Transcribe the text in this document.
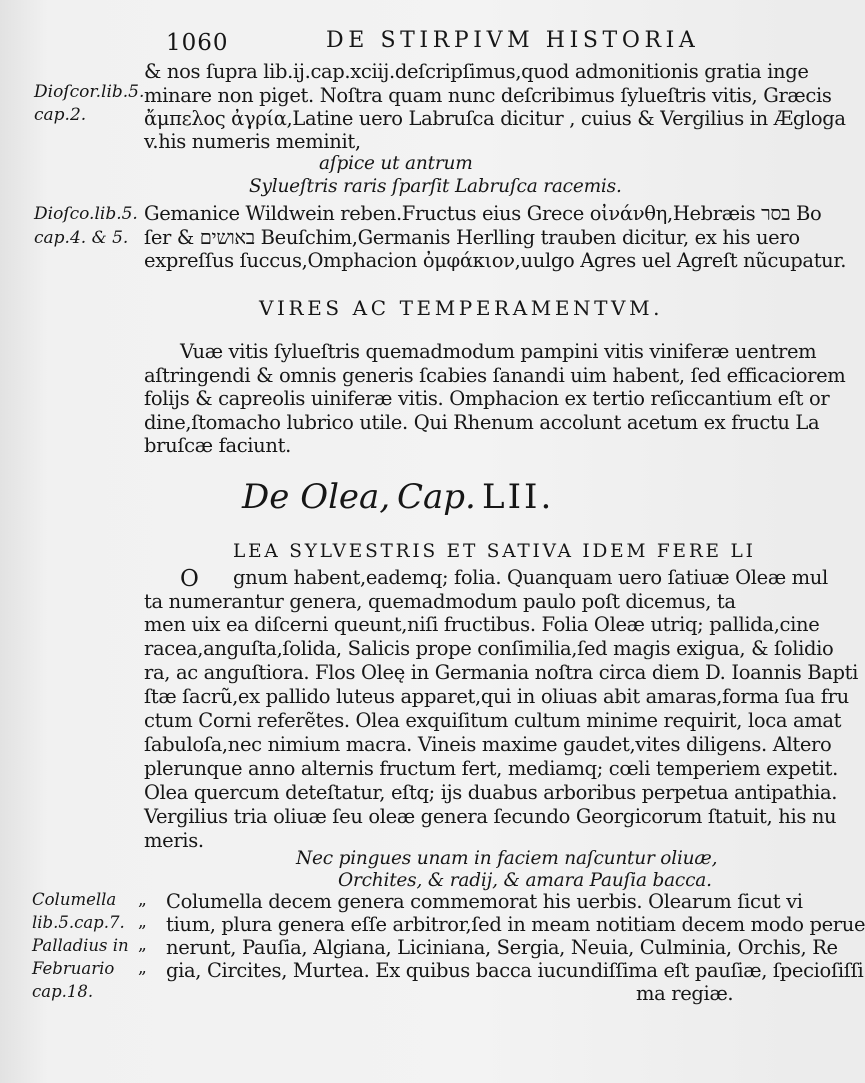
1060	DE STIRPIVM HISTORIA
& nos ſupra lib.ij.cap.xciij.deſcripſimus,quod admonitionis gratia inge
minare non piget. Noſtra quam nunc deſcribimus ſylueſtris vitis, Græcis
ἄμπελος ἀγρία,Latine uero Labruſca dicitur , cuius & Vergilius in Ægloga
v.his numeris meminit,
aſpice ut antrum
Sylueſtris raris ſparſit Labruſca racemis.
Gemanice Wildwein reben.Fructus eius Grece οἰνάνθη,Hebræis בסר Bo
ſer & באושים Beuſchim,Germanis Herlling trauben dicitur, ex his uero
expreſſus ſuccus,Omphacion ὀμφάκιον,uulgo Agres uel Agreſt nũcupatur.
Dioſcor.lib.5.
cap.2.
Dioſco.lib.5.
cap.4. & 5.
VIRES AC TEMPERAMENTVM.
Vuæ vitis ſylueſtris quemadmodum pampini vitis viniferæ uentrem
aſtringendi & omnis generis ſcabies ſanandi uim habent, ſed efficaciorem
folijs & capreolis uiniferæ vitis. Omphacion ex tertio reſiccantium eſt or
dine,ſtomacho lubrico utile. Qui Rhenum accolunt acetum ex fructu La
bruſcæ faciunt.
De Olea, Cap. LII.
LEA SYLVESTRIS ET SATIVA IDEM FERE LI
O gnum habent,eademq; folia. Quanquam uero ſatiuæ Oleæ mul
ta numerantur genera, quemadmodum paulo poſt dicemus, ta
men uix ea diſcerni queunt,niſi fructibus. Folia Oleæ utriq; pallida,cine
racea,anguſta,ſolida, Salicis prope conſimilia,ſed magis exigua, & ſolidio
ra, ac anguſtiora. Flos Oleę in Germania noſtra circa diem D. Ioannis Bapti
ſtæ ſacrũ,ex pallido luteus apparet,qui in oliuas abit amaras,forma ſua fru
ctum Corni referẽtes. Olea exquiſitum cultum minime requirit, loca amat
ſabuloſa,nec nimium macra. Vineis maxime gaudet,vites diligens. Altero
plerunque anno alternis fructum fert, mediamq; cœli temperiem expetit.
Olea quercum deteſtatur, eſtq; ijs duabus arboribus perpetua antipathia.
Vergilius tria oliuæ ſeu oleæ genera ſecundo Georgicorum ſtatuit, his nu
meris.
Nec pingues unam in faciem naſcuntur oliuæ,
Orchites, & radij, & amara Pauſia bacca.
„
„
„
„
Columella decem genera commemorat his uerbis. Olearum ſicut vi
tium, plura genera eſſe arbitror,ſed in meam notitiam decem modo perue
nerunt, Pauſia, Algiana, Liciniana, Sergia, Neuia, Culminia, Orchis, Re
gia, Circites, Murtea. Ex quibus bacca iucundiſſima eſt pauſiæ, ſpecioſiſſi
ma regiæ.
Columella
lib.5.cap.7.
Palladius in
Februario
cap.18.
